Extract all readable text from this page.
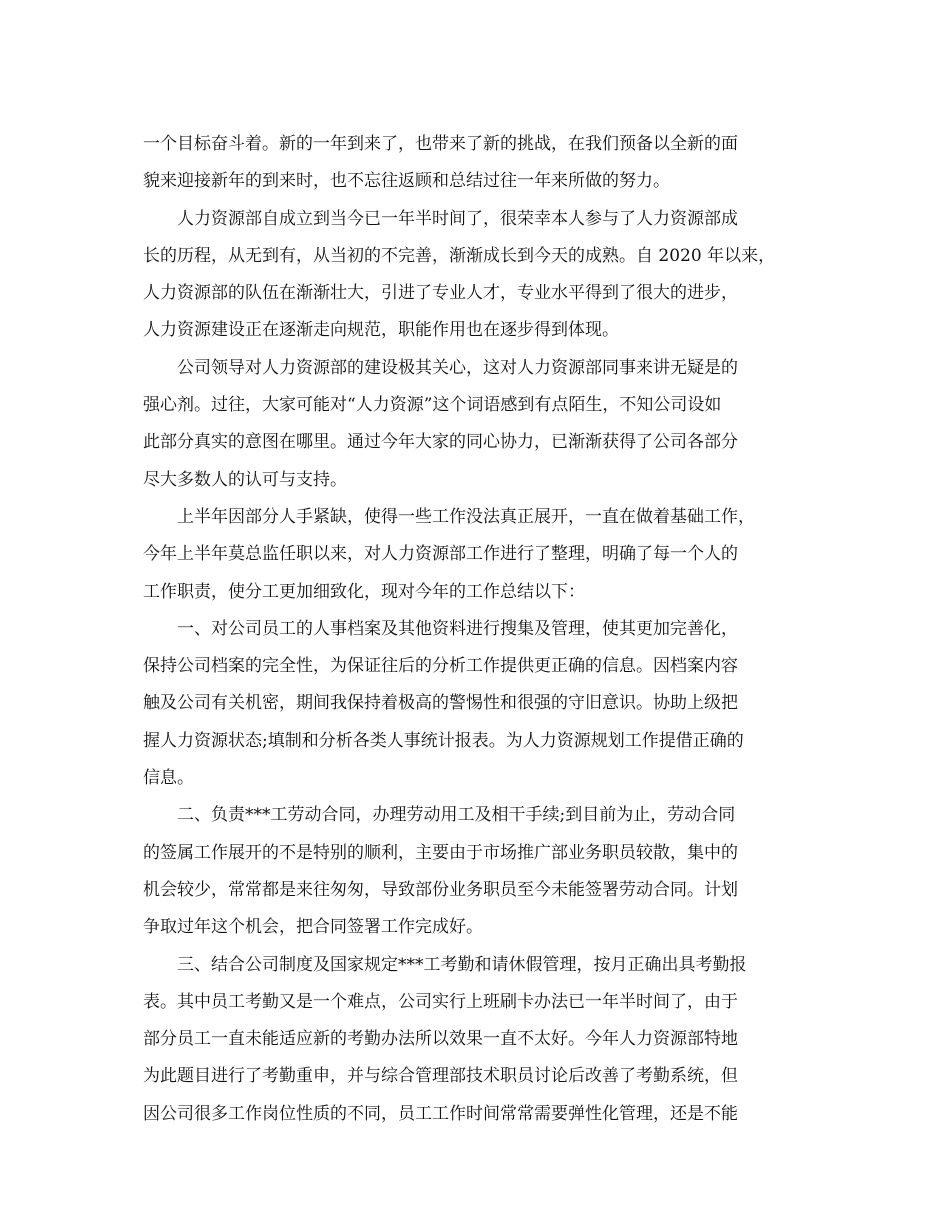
一个目标奋斗着。新的一年到来了，也带来了新的挑战，在我们预备以全新的面
貌来迎接新年的到来时，也不忘往返顾和总结过往一年来所做的努力。

人力资源部自成立到当今已一年半时间了，很荣幸本人参与了人力资源部成
长的历程，从无到有，从当初的不完善，渐渐成长到今天的成熟。自 2020 年以来，
人力资源部的队伍在渐渐壮大，引进了专业人才，专业水平得到了很大的进步，
人力资源建设正在逐渐走向规范，职能作用也在逐步得到体现。

公司领导对人力资源部的建设极其关心，这对人力资源部同事来讲无疑是的
强心剂。过往，大家可能对“人力资源”这个词语感到有点陌生，不知公司设如
此部分真实的意图在哪里。通过今年大家的同心协力，已渐渐获得了公司各部分
尽大多数人的认可与支持。

上半年因部分人手紧缺，使得一些工作没法真正展开，一直在做着基础工作，
今年上半年莫总监任职以来，对人力资源部工作进行了整理，明确了每一个人的
工作职责，使分工更加细致化，现对今年的工作总结以下：

一、对公司员工的人事档案及其他资料进行搜集及管理，使其更加完善化，
保持公司档案的完全性，为保证往后的分析工作提供更正确的信息。因档案内容
触及公司有关机密，期间我保持着极高的警惕性和很强的守旧意识。协助上级把
握人力资源状态;填制和分析各类人事统计报表。为人力资源规划工作提借正确的
信息。

二、负责***工劳动合同，办理劳动用工及相干手续;到目前为止，劳动合同
的签属工作展开的不是特别的顺利，主要由于市场推广部业务职员较散，集中的
机会较少，常常都是来往匆匆，导致部份业务职员至今未能签署劳动合同。计划
争取过年这个机会，把合同签署工作完成好。

三、结合公司制度及国家规定***工考勤和请休假管理，按月正确出具考勤报
表。其中员工考勤又是一个难点，公司实行上班刷卡办法已一年半时间了，由于
部分员工一直未能适应新的考勤办法所以效果一直不太好。今年人力资源部特地
为此题目进行了考勤重申，并与综合管理部技术职员讨论后改善了考勤系统，但
因公司很多工作岗位性质的不同，员工工作时间常常需要弹性化管理，还是不能
